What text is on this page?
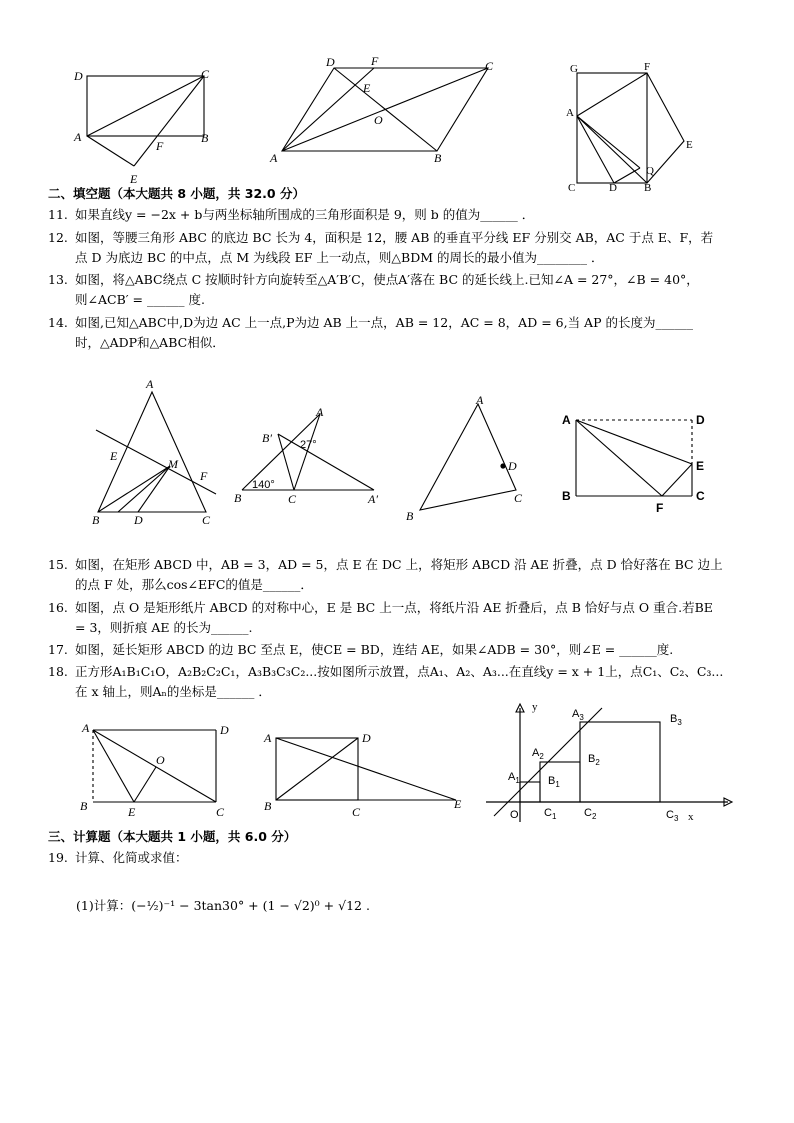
D	C
A	B
F
E
D	F	C
E
O
A	B
G	F
A
E
Q
C	D B
二、填空题（本大题共 8 小题，共 32.0 分）
11. 如果直线y = −2x + b与两坐标轴所围成的三角形面积是 9，则 b 的值为______ ．
12. 如图，等腰三角形 ABC 的底边 BC 长为 4，面积是 12，腰 AB 的垂直平分线 EF 分别交 AB，AC 于点 E、F，若
点 D 为底边 BC 的中点，点 M 为线段 EF 上一动点，则△BDM 的周长的最小值为________ ．
13. 如图，将△ABC绕点 C 按顺时针方向旋转至△A′B′C，使点A′落在 BC 的延长线上.已知∠A = 27°，∠B = 40°，
则∠ACB′ = ______ 度.
14. 如图,已知△ABC中,D为边 AC 上一点,P为边 AB 上一点，AB = 12，AC = 8，AD = 6,当 AP 的长度为______
时，△ADP和△ABC相似．
A
E
M
F
B	D	C
B′
A
27°
140°
B	C	A′
A
D
B
C
A	D
E
B	C
F
15. 如图，在矩形 ABCD 中，AB = 3，AD = 5，点 E 在 DC 上，将矩形 ABCD 沿 AE 折叠，点 D 恰好落在 BC 边上
的点 F 处，那么cos∠EFC的值是______．
16. 如图，点 O 是矩形纸片 ABCD 的对称中心，E 是 BC 上一点，将纸片沿 AE 折叠后，点 B 恰好与点 O 重合.若BE
= 3，则折痕 AE 的长为______.
17. 如图，延长矩形 ABCD 的边 BC 至点 E，使CE = BD，连结 AE，如果∠ADB = 30°，则∠E = ______度.
18. 正方形A₁B₁C₁O，A₂B₂C₂C₁，A₃B₃C₃C₂...按如图所示放置，点A₁、A₂、A₃...在直线y = x + 1上，点C₁、C₂、C₃...
在 x 轴上，则Aₙ的坐标是______ ．
A	D
O
B	E	C
A	D
B	C
E
y
$A_3$	$B_3$
$A_2$	$B_2$
$A_1$	$B_1$
O $C_1$	$C_2$	$C_3$ x
三、计算题（本大题共 1 小题，共 6.0 分）
19. 计算、化简或求值：
(1)计算：(−½)⁻¹ − 3tan30° + (1 − √2)⁰ + √12 .
